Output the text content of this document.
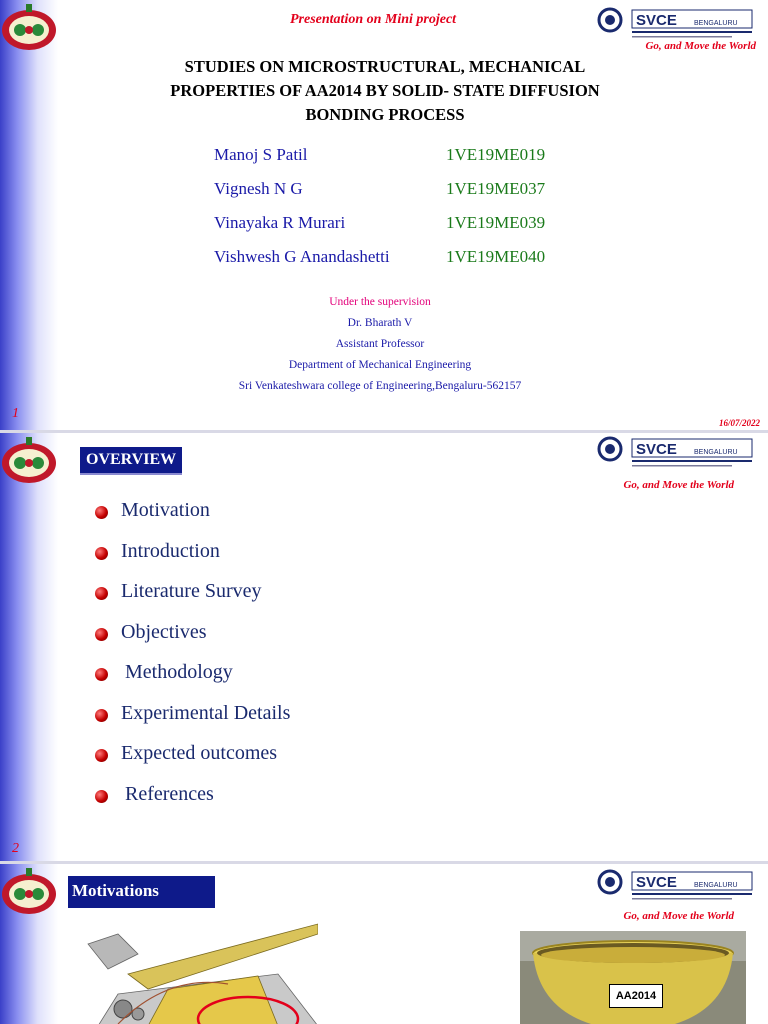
Presentation on Mini project	SVCE BENGALURU
Go, and Move the World
STUDIES ON MICROSTRUCTURAL, MECHANICAL
PROPERTIES OF AA2014 BY SOLID- STATE DIFFUSION
BONDING PROCESS
Manoj S Patil	1VE19ME019
Vignesh N G	1VE19ME037
Vinayaka R Murari	1VE19ME039
Vishwesh G Anandashetti	1VE19ME040
Under the supervision
Dr. Bharath V
Assistant Professor
Department of Mechanical Engineering
Sri Venkateshwara college of Engineering,Bengaluru-562157
1
16/07/2022
OVERVIEW
SVCE BENGALURU
Go, and Move the World
Motivation
Introduction
Literature Survey
Objectives
Methodology
Experimental Details
Expected outcomes
References
2
Motivations	SVCE BENGALURU
Go, and Move the World
AA2014
